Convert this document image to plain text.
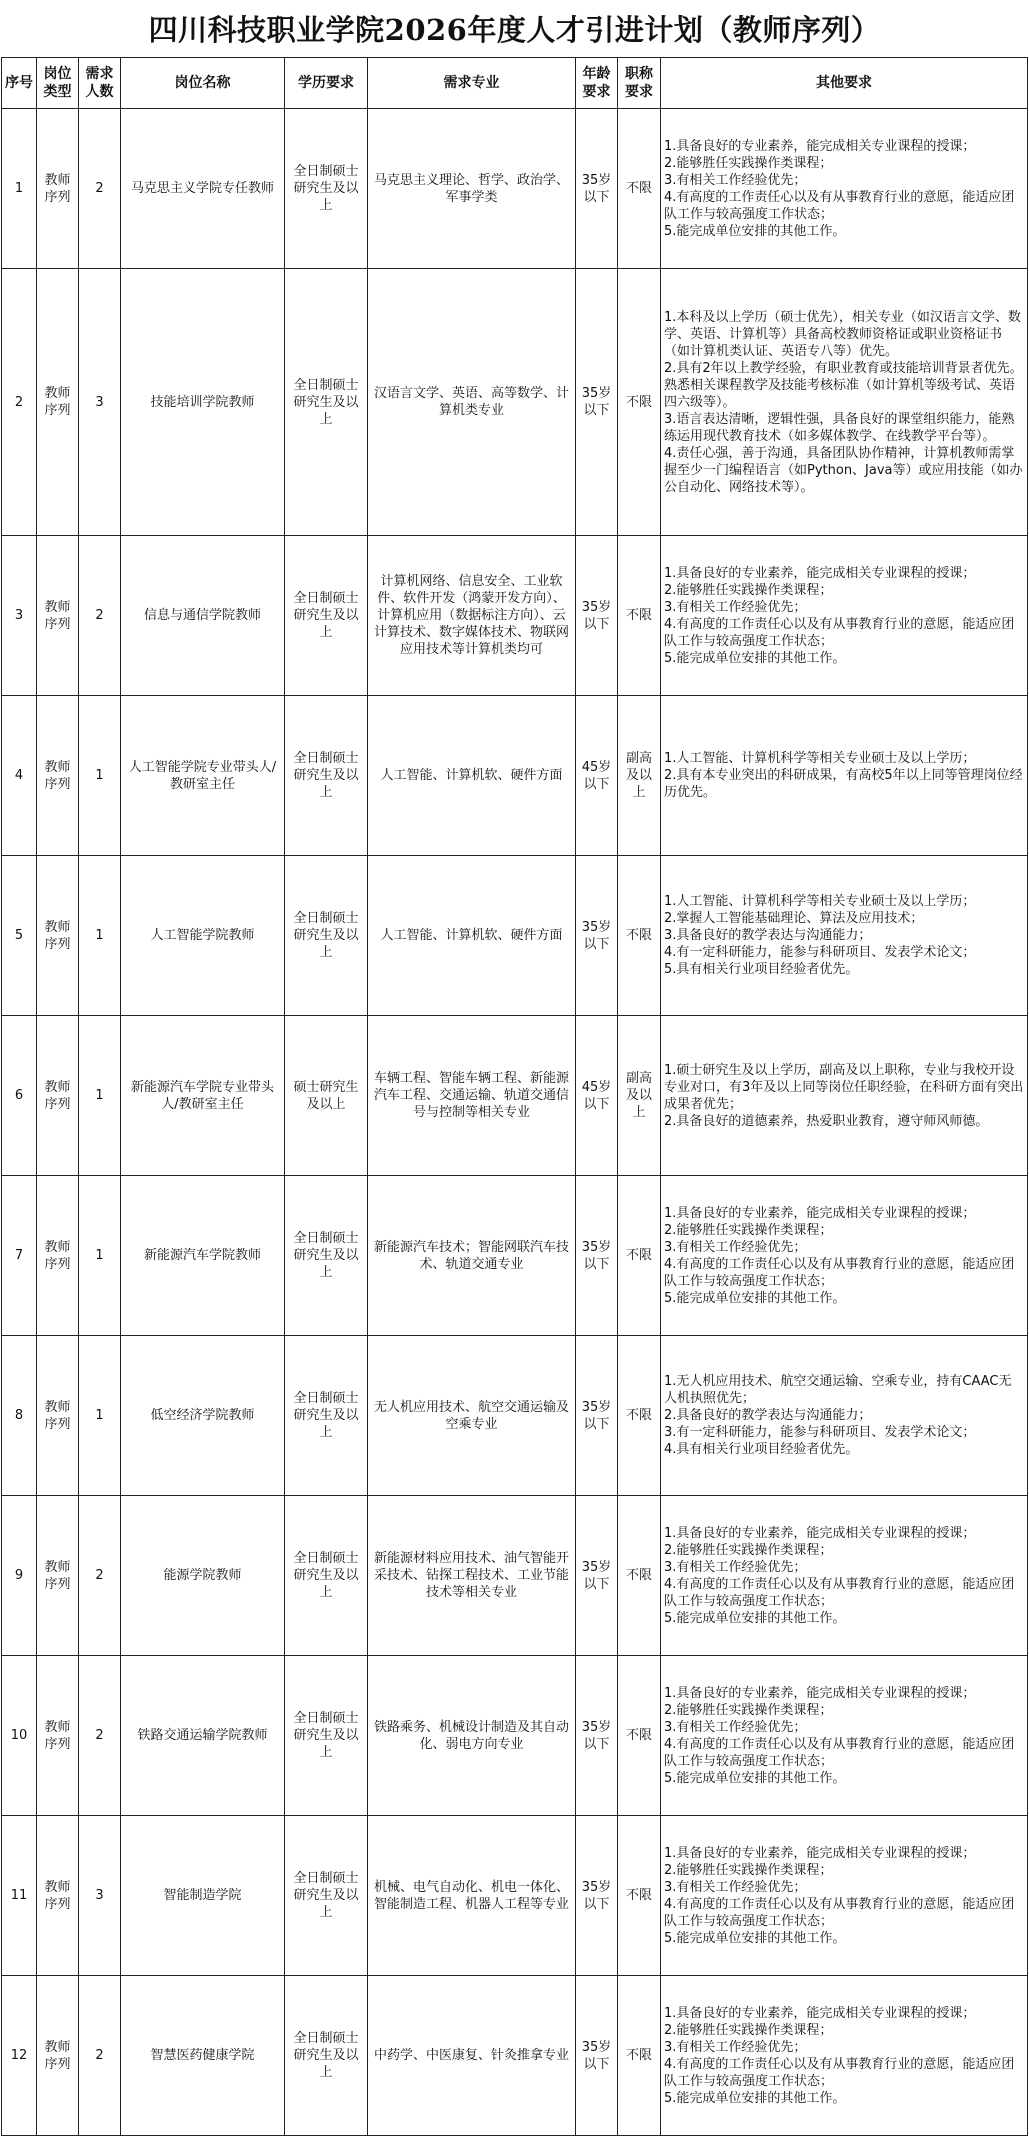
四川科技职业学院2026年度人才引进计划（教师序列）
序号	岗位类型	需求人数	岗位名称	学历要求	需求专业	年龄要求	职称要求	其他要求
1	教师序列	2	马克思主义学院专任教师	全日制硕士研究生及以上	马克思主义理论、哲学、政治学、军事学类	35岁以下	不限	1.具备良好的专业素养，能完成相关专业课程的授课；
2.能够胜任实践操作类课程；
3.有相关工作经验优先；
4.有高度的工作责任心以及有从事教育行业的意愿，能适应团队工作与较高强度工作状态；
5.能完成单位安排的其他工作。
2	教师序列	3	技能培训学院教师	全日制硕士研究生及以上	汉语言文学、英语、高等数学、计算机类专业	35岁以下	不限	1.本科及以上学历（硕士优先），相关专业（如汉语言文学、数学、英语、计算机等）具备高校教师资格证或职业资格证书（如计算机类认证、英语专八等）优先。
2.具有2年以上教学经验，有职业教育或技能培训背景者优先。熟悉相关课程教学及技能考核标准（如计算机等级考试、英语四六级等）。
3.语言表达清晰，逻辑性强，具备良好的课堂组织能力，能熟练运用现代教育技术（如多媒体教学、在线教学平台等）。
4.责任心强，善于沟通，具备团队协作精神，计算机教师需掌握至少一门编程语言（如Python、Java等）或应用技能（如办公自动化、网络技术等）。
3	教师序列	2	信息与通信学院教师	全日制硕士研究生及以上	计算机网络、信息安全、工业软件、软件开发（鸿蒙开发方向）、计算机应用（数据标注方向）、云计算技术、数字媒体技术、物联网应用技术等计算机类均可	35岁以下	不限	1.具备良好的专业素养，能完成相关专业课程的授课；
2.能够胜任实践操作类课程；
3.有相关工作经验优先；
4.有高度的工作责任心以及有从事教育行业的意愿，能适应团队工作与较高强度工作状态；
5.能完成单位安排的其他工作。
4	教师序列	1	人工智能学院专业带头人/教研室主任	全日制硕士研究生及以上	人工智能、计算机软、硬件方面	45岁以下	副高及以上	1.人工智能、计算机科学等相关专业硕士及以上学历；
2.具有本专业突出的科研成果，有高校5年以上同等管理岗位经历优先。
5	教师序列	1	人工智能学院教师	全日制硕士研究生及以上	人工智能、计算机软、硬件方面	35岁以下	不限	1.人工智能、计算机科学等相关专业硕士及以上学历；
2.掌握人工智能基础理论、算法及应用技术；
3.具备良好的教学表达与沟通能力；
4.有一定科研能力，能参与科研项目、发表学术论文；
5.具有相关行业项目经验者优先。
6	教师序列	1	新能源汽车学院专业带头人/教研室主任	硕士研究生及以上	车辆工程、智能车辆工程、新能源汽车工程、交通运输、轨道交通信号与控制等相关专业	45岁以下	副高及以上	1.硕士研究生及以上学历，副高及以上职称，专业与我校开设专业对口，有3年及以上同等岗位任职经验，在科研方面有突出成果者优先；
2.具备良好的道德素养，热爱职业教育，遵守师风师德。
7	教师序列	1	新能源汽车学院教师	全日制硕士研究生及以上	新能源汽车技术；智能网联汽车技术、轨道交通专业	35岁以下	不限	1.具备良好的专业素养，能完成相关专业课程的授课；
2.能够胜任实践操作类课程；
3.有相关工作经验优先；
4.有高度的工作责任心以及有从事教育行业的意愿，能适应团队工作与较高强度工作状态；
5.能完成单位安排的其他工作。
8	教师序列	1	低空经济学院教师	全日制硕士研究生及以上	无人机应用技术、航空交通运输及空乘专业	35岁以下	不限	1.无人机应用技术、航空交通运输、空乘专业，持有CAAC无人机执照优先；
2.具备良好的教学表达与沟通能力；
3.有一定科研能力，能参与科研项目、发表学术论文；
4.具有相关行业项目经验者优先。
9	教师序列	2	能源学院教师	全日制硕士研究生及以上	新能源材料应用技术、油气智能开采技术、钻探工程技术、工业节能技术等相关专业	35岁以下	不限	1.具备良好的专业素养，能完成相关专业课程的授课；
2.能够胜任实践操作类课程；
3.有相关工作经验优先；
4.有高度的工作责任心以及有从事教育行业的意愿，能适应团队工作与较高强度工作状态；
5.能完成单位安排的其他工作。
10	教师序列	2	铁路交通运输学院教师	全日制硕士研究生及以上	铁路乘务、机械设计制造及其自动化、弱电方向专业	35岁以下	不限	1.具备良好的专业素养，能完成相关专业课程的授课；
2.能够胜任实践操作类课程；
3.有相关工作经验优先；
4.有高度的工作责任心以及有从事教育行业的意愿，能适应团队工作与较高强度工作状态；
5.能完成单位安排的其他工作。
11	教师序列	3	智能制造学院	全日制硕士研究生及以上	机械、电气自动化、机电一体化、智能制造工程、机器人工程等专业	35岁以下	不限	1.具备良好的专业素养，能完成相关专业课程的授课；
2.能够胜任实践操作类课程；
3.有相关工作经验优先；
4.有高度的工作责任心以及有从事教育行业的意愿，能适应团队工作与较高强度工作状态；
5.能完成单位安排的其他工作。
12	教师序列	2	智慧医药健康学院	全日制硕士研究生及以上	中药学、中医康复、针灸推拿专业	35岁以下	不限	1.具备良好的专业素养，能完成相关专业课程的授课；
2.能够胜任实践操作类课程；
3.有相关工作经验优先；
4.有高度的工作责任心以及有从事教育行业的意愿，能适应团队工作与较高强度工作状态；
5.能完成单位安排的其他工作。
